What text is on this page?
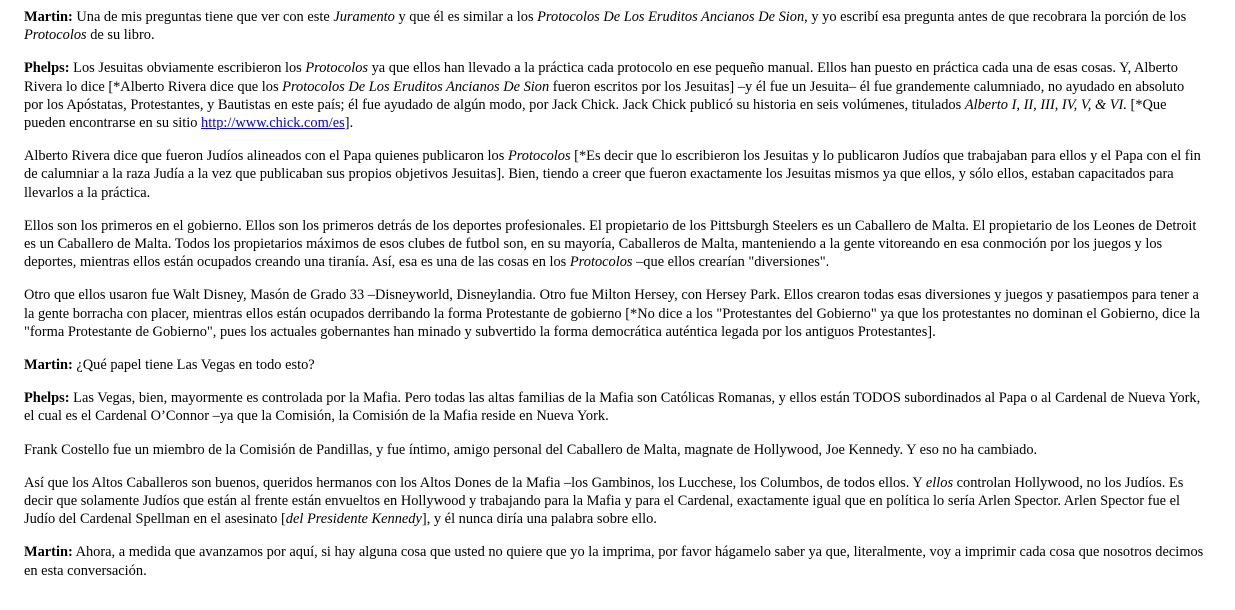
Martin: Una de mis preguntas tiene que ver con este Juramento y que él es similar a los Protocolos De Los Eruditos Ancianos De Sion, y yo escribí esa pregunta antes de que recobrara la porción de los Protocolos de su libro.

Phelps: Los Jesuitas obviamente escribieron los Protocolos ya que ellos han llevado a la práctica cada protocolo en ese pequeño manual. Ellos han puesto en práctica cada una de esas cosas. Y, Alberto Rivera lo dice [*Alberto Rivera dice que los Protocolos De Los Eruditos Ancianos De Sion fueron escritos por los Jesuitas] –y él fue un Jesuita– él fue grandemente calumniado, no ayudado en absoluto por los Apóstatas, Protestantes, y Bautistas en este país; él fue ayudado de algún modo, por Jack Chick. Jack Chick publicó su historia en seis volúmenes, titulados Alberto I, II, III, IV, V, & VI. [*Que pueden encontrarse en su sitio http://www.chick.com/es].

Alberto Rivera dice que fueron Judíos alineados con el Papa quienes publicaron los Protocolos [*Es decir que lo escribieron los Jesuitas y lo publicaron Judíos que trabajaban para ellos y el Papa con el fin de calumniar a la raza Judía a la vez que publicaban sus propios objetivos Jesuitas]. Bien, tiendo a creer que fueron exactamente los Jesuitas mismos ya que ellos, y sólo ellos, estaban capacitados para llevarlos a la práctica.

Ellos son los primeros en el gobierno. Ellos son los primeros detrás de los deportes profesionales. El propietario de los Pittsburgh Steelers es un Caballero de Malta. El propietario de los Leones de Detroit es un Caballero de Malta. Todos los propietarios máximos de esos clubes de futbol son, en su mayoría, Caballeros de Malta, manteniendo a la gente vitoreando en esa conmoción por los juegos y los deportes, mientras ellos están ocupados creando una tiranía. Así, esa es una de las cosas en los Protocolos –que ellos crearían "diversiones".

Otro que ellos usaron fue Walt Disney, Masón de Grado 33 –Disneyworld, Disneylandia. Otro fue Milton Hersey, con Hersey Park. Ellos crearon todas esas diversiones y juegos y pasatiempos para tener a la gente borracha con placer, mientras ellos están ocupados derribando la forma Protestante de gobierno [*No dice a los "Protestantes del Gobierno" ya que los protestantes no dominan el Gobierno, dice la "forma Protestante de Gobierno", pues los actuales gobernantes han minado y subvertido la forma democrática auténtica legada por los antiguos Protestantes].

Martin: ¿Qué papel tiene Las Vegas en todo esto?

Phelps: Las Vegas, bien, mayormente es controlada por la Mafia. Pero todas las altas familias de la Mafia son Católicas Romanas, y ellos están TODOS subordinados al Papa o al Cardenal de Nueva York, el cual es el Cardenal O’Connor –ya que la Comisión, la Comisión de la Mafia reside en Nueva York.

Frank Costello fue un miembro de la Comisión de Pandillas, y fue íntimo, amigo personal del Caballero de Malta, magnate de Hollywood, Joe Kennedy. Y eso no ha cambiado.

Así que los Altos Caballeros son buenos, queridos hermanos con los Altos Dones de la Mafia –los Gambinos, los Lucchese, los Columbos, de todos ellos. Y ellos controlan Hollywood, no los Judíos. Es decir que solamente Judíos que están al frente están envueltos en Hollywood y trabajando para la Mafia y para el Cardenal, exactamente igual que en política lo sería Arlen Spector. Arlen Spector fue el Judío del Cardenal Spellman en el asesinato [del Presidente Kennedy], y él nunca diría una palabra sobre ello.

Martin: Ahora, a medida que avanzamos por aquí, si hay alguna cosa que usted no quiere que yo la imprima, por favor hágamelo saber ya que, literalmente, voy a imprimir cada cosa que nosotros decimos en esta conversación.
